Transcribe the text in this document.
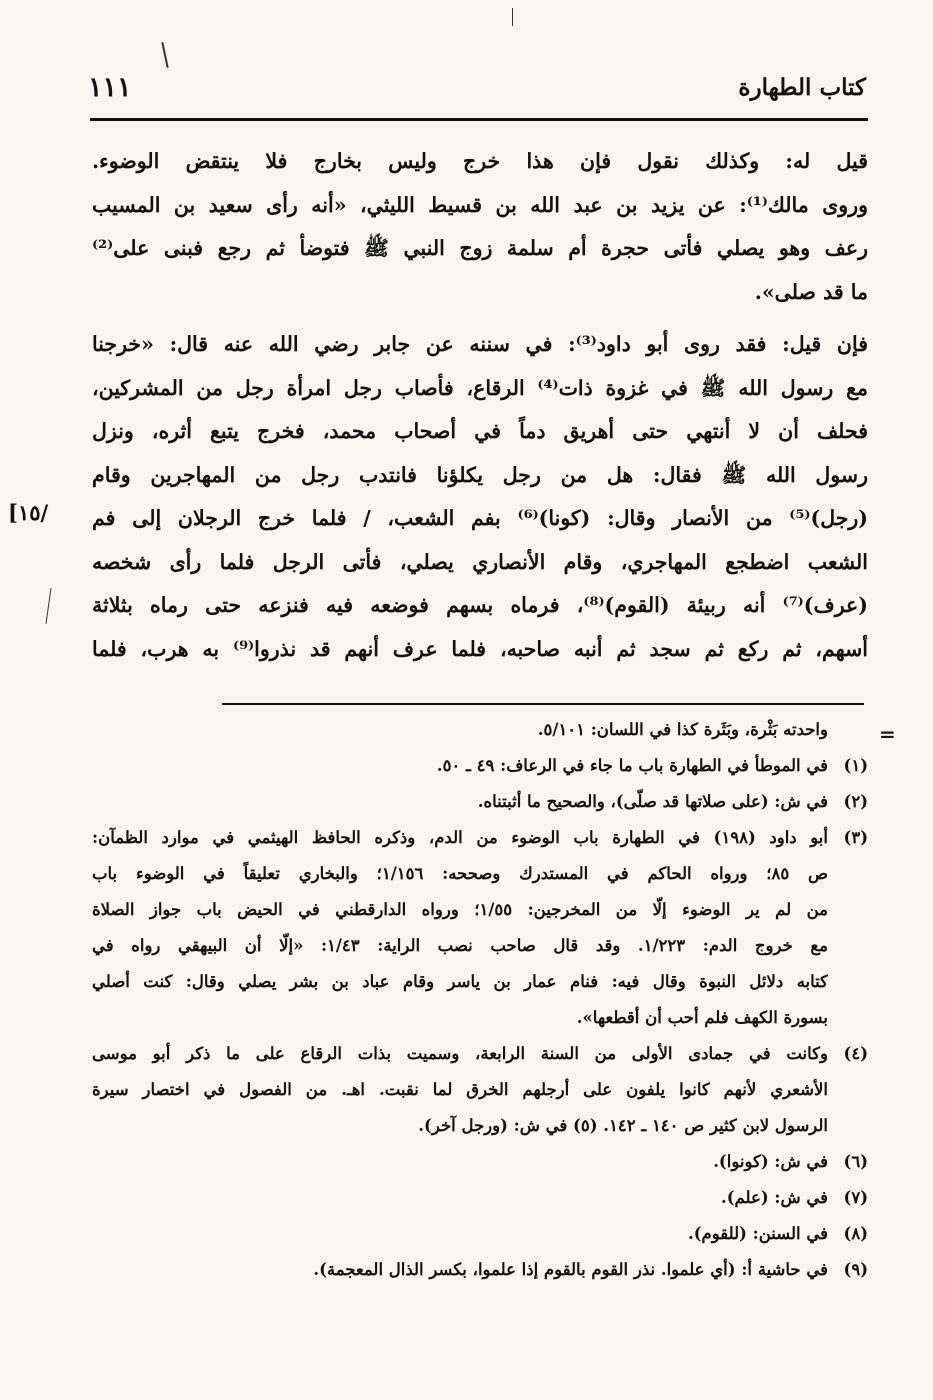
كتاب الطهارة
١١١
[١٥/
قيل له: وكذلك نقول فإن هذا خرج وليس بخارج فلا ينتقض الوضوء.
وروى مالك⁽¹⁾: عن يزيد بن عبد الله بن قسيط الليثي، «أنه رأى سعيد بن المسيب
رعف وهو يصلي فأتى حجرة أم سلمة زوج النبي ﷺ فتوضأ ثم رجع فبنى على⁽²⁾
ما قد صلى».
فإن قيل: فقد روى أبو داود⁽³⁾: في سننه عن جابر رضي الله عنه قال: «خرجنا
مع رسول الله ﷺ في غزوة ذات⁽⁴⁾ الرقاع، فأصاب رجل امرأة رجل من المشركين،
فحلف أن لا أنتهي حتى أهريق دماً في أصحاب محمد، فخرج يتبع أثره، ونزل
رسول الله ﷺ فقال: هل من رجل يكلؤنا فانتدب رجل من المهاجرين وقام
(رجل)⁽⁵⁾ من الأنصار وقال: (كونا)⁽⁶⁾ بفم الشعب، / فلما خرج الرجلان إلى فم
الشعب اضطجع المهاجري، وقام الأنصاري يصلي، فأتى الرجل فلما رأى شخصه
(عرف)⁽⁷⁾ أنه ربيئة (القوم)⁽⁸⁾، فرماه بسهم فوضعه فيه فنزعه حتى رماه بثلاثة
أسهم، ثم ركع ثم سجد ثم أنبه صاحبه، فلما عرف أنهم قد نذروا⁽⁹⁾ به هرب، فلما
=
واحدته بَثْرة، وبَثَرة كذا في اللسان: ٥/١٠١.
(١)
في الموطأ في الطهارة باب ما جاء في الرعاف: ٤٩ ـ ٥٠.
(٢)
في ش: (على صلاتها قد صلّى)، والصحيح ما أثبتناه.
(٣)
أبو داود (١٩٨) في الطهارة باب الوضوء من الدم، وذكره الحافظ الهيثمي في موارد الظمآن:
ص ٨٥؛ ورواه الحاكم في المستدرك وصححه: ١/١٥٦؛ والبخاري تعليقاً في الوضوء باب
من لم ير الوضوء إلّا من المخرجين: ١/٥٥؛ ورواه الدارقطني في الحيض باب جواز الصلاة
مع خروج الدم: ١/٢٢٣. وقد قال صاحب نصب الراية: ١/٤٣: «إلّا أن البيهقي رواه في
كتابه دلائل النبوة وقال فيه: فنام عمار بن ياسر وقام عباد بن بشر يصلي وقال: كنت أصلي
بسورة الكهف فلم أحب أن أقطعها».
(٤)
وكانت في جمادى الأولى من السنة الرابعة، وسميت بذات الرقاع على ما ذكر أبو موسى
الأشعري لأنهم كانوا يلفون على أرجلهم الخرق لما نقبت. اهـ. من الفصول في اختصار سيرة
الرسول لابن كثير ص ١٤٠ ـ ١٤٢. (٥) في ش: (ورجل آخر).
(٦)
في ش: (كونوا).
(٧)
في ش: (علم).
(٨)
في السنن: (للقوم).
(٩)
في حاشية أ: (أي علموا. نذر القوم بالقوم إذا علموا، بكسر الذال المعجمة).
